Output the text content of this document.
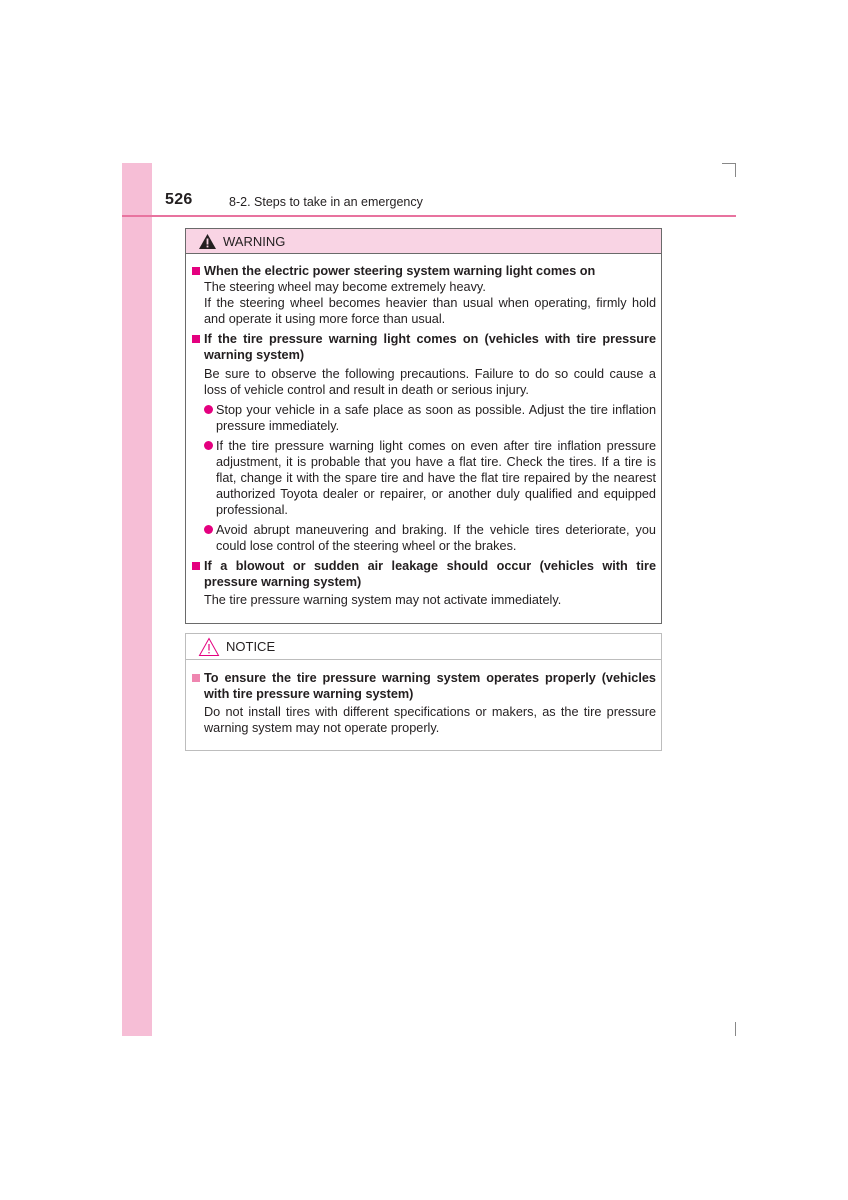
526	8-2. Steps to take in an emergency
WARNING
When the electric power steering system warning light comes on
The steering wheel may become extremely heavy.
If the steering wheel becomes heavier than usual when operating, firmly hold and operate it using more force than usual.
If the tire pressure warning light comes on (vehicles with tire pressure warning system)
Be sure to observe the following precautions. Failure to do so could cause a loss of vehicle control and result in death or serious injury.
Stop your vehicle in a safe place as soon as possible. Adjust the tire inflation pressure immediately.
If the tire pressure warning light comes on even after tire inflation pressure adjustment, it is probable that you have a flat tire. Check the tires. If a tire is flat, change it with the spare tire and have the flat tire repaired by the nearest authorized Toyota dealer or repairer, or another duly qualified and equipped professional.
Avoid abrupt maneuvering and braking. If the vehicle tires deteriorate, you could lose control of the steering wheel or the brakes.
If a blowout or sudden air leakage should occur (vehicles with tire pressure warning system)
The tire pressure warning system may not activate immediately.
NOTICE
To ensure the tire pressure warning system operates properly (vehicles with tire pressure warning system)
Do not install tires with different specifications or makers, as the tire pressure warning system may not operate properly.
